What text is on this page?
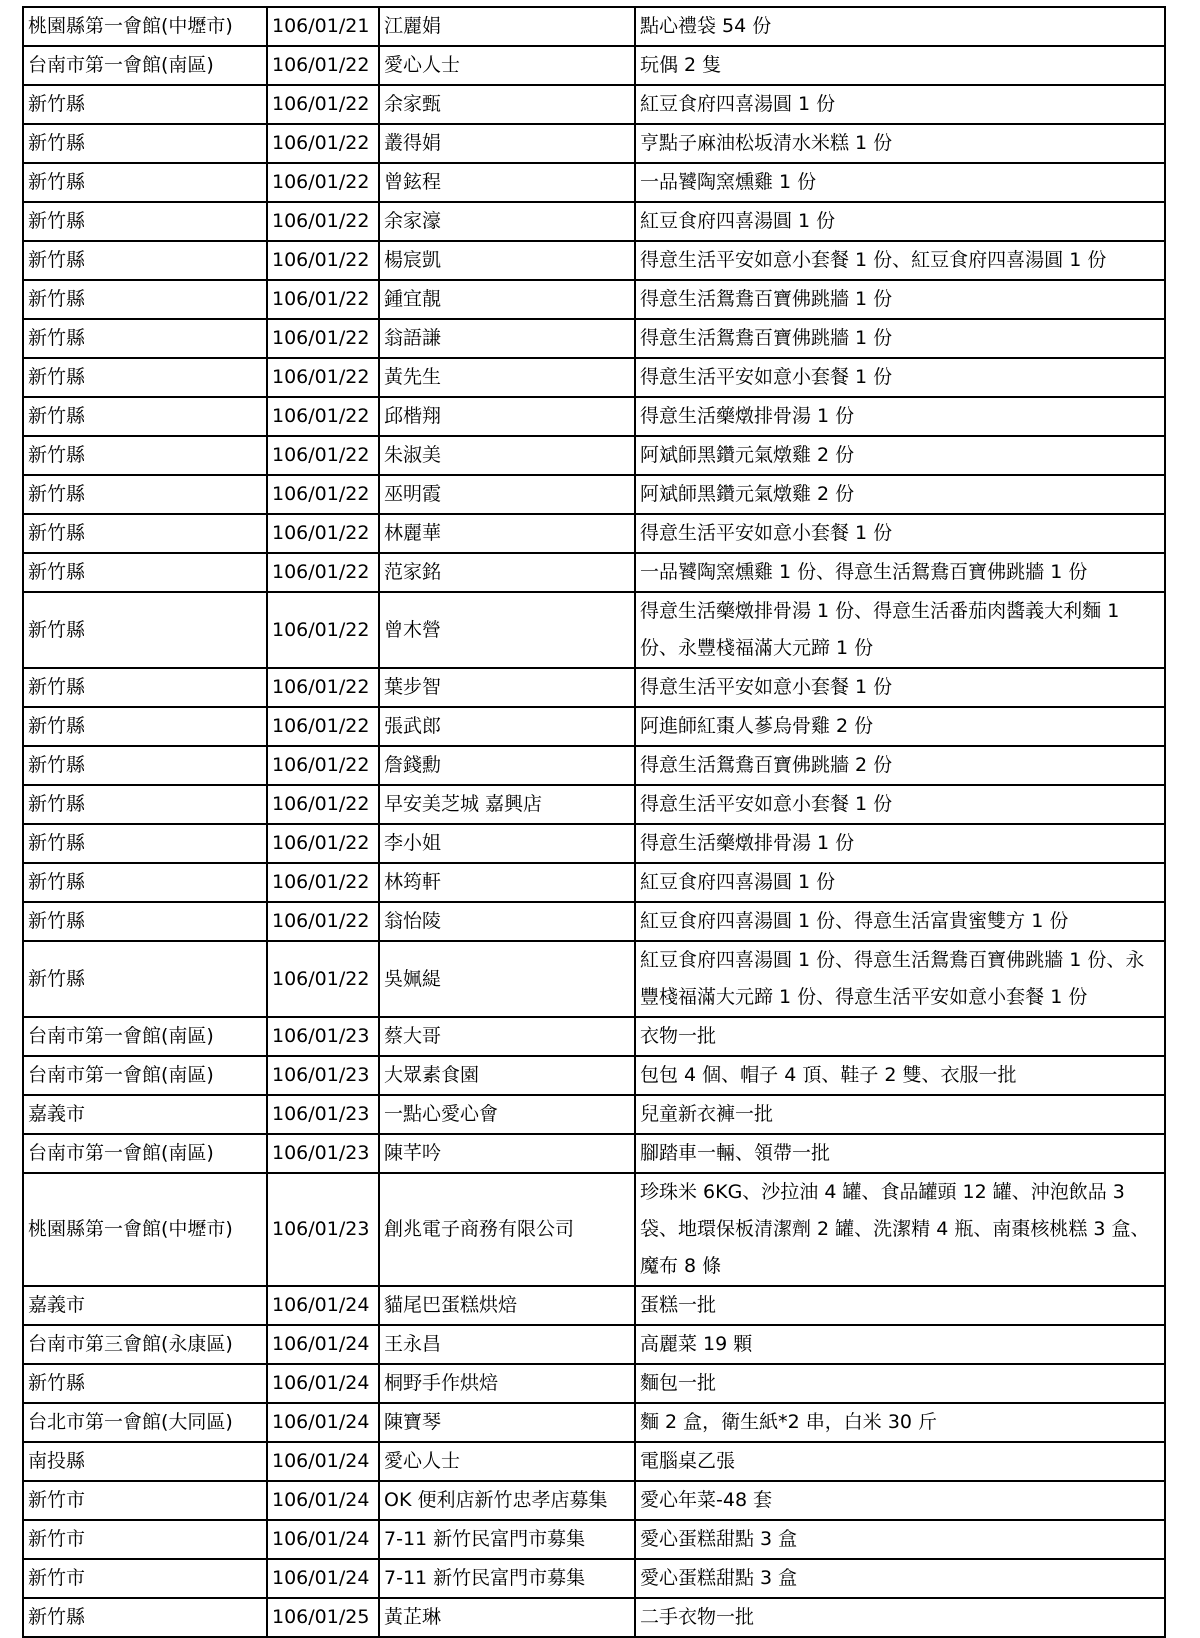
桃園縣第一會館(中壢市)	106/01/21	江麗娟	點心禮袋 54 份
台南市第一會館(南區)	106/01/22	愛心人士	玩偶 2 隻
新竹縣	106/01/22	余家甄	紅豆食府四喜湯圓 1 份
新竹縣	106/01/22	叢得娟	亨點子麻油松坂清水米糕 1 份
新竹縣	106/01/22	曾鉉程	一品饕陶窯燻雞 1 份
新竹縣	106/01/22	余家濠	紅豆食府四喜湯圓 1 份
新竹縣	106/01/22	楊宸凱	得意生活平安如意小套餐 1 份、紅豆食府四喜湯圓 1 份
新竹縣	106/01/22	鍾宜靚	得意生活鴛鴦百寶佛跳牆 1 份
新竹縣	106/01/22	翁語謙	得意生活鴛鴦百寶佛跳牆 1 份
新竹縣	106/01/22	黃先生	得意生活平安如意小套餐 1 份
新竹縣	106/01/22	邱楷翔	得意生活藥燉排骨湯 1 份
新竹縣	106/01/22	朱淑美	阿斌師黑鑽元氣燉雞 2 份
新竹縣	106/01/22	巫明霞	阿斌師黑鑽元氣燉雞 2 份
新竹縣	106/01/22	林麗華	得意生活平安如意小套餐 1 份
新竹縣	106/01/22	范家銘	一品饕陶窯燻雞 1 份、得意生活鴛鴦百寶佛跳牆 1 份
新竹縣	106/01/22	曾木營	得意生活藥燉排骨湯 1 份、得意生活番茄肉醬義大利麵 1 份、永豐棧福滿大元蹄 1 份
新竹縣	106/01/22	葉步智	得意生活平安如意小套餐 1 份
新竹縣	106/01/22	張武郎	阿進師紅棗人蔘烏骨雞 2 份
新竹縣	106/01/22	詹錢勳	得意生活鴛鴦百寶佛跳牆 2 份
新竹縣	106/01/22	早安美芝城 嘉興店	得意生活平安如意小套餐 1 份
新竹縣	106/01/22	李小姐	得意生活藥燉排骨湯 1 份
新竹縣	106/01/22	林筠軒	紅豆食府四喜湯圓 1 份
新竹縣	106/01/22	翁怡陵	紅豆食府四喜湯圓 1 份、得意生活富貴蜜雙方 1 份
新竹縣	106/01/22	吳姵緹	紅豆食府四喜湯圓 1 份、得意生活鴛鴦百寶佛跳牆 1 份、永豐棧福滿大元蹄 1 份、得意生活平安如意小套餐 1 份
台南市第一會館(南區)	106/01/23	蔡大哥	衣物一批
台南市第一會館(南區)	106/01/23	大眾素食園	包包 4 個、帽子 4 頂、鞋子 2 雙、衣服一批
嘉義市	106/01/23	一點心愛心會	兒童新衣褲一批
台南市第一會館(南區)	106/01/23	陳芊吟	腳踏車一輛、領帶一批
桃園縣第一會館(中壢市)	106/01/23	創兆電子商務有限公司	珍珠米 6KG、沙拉油 4 罐、食品罐頭 12 罐、沖泡飲品 3 袋、地環保板清潔劑 2 罐、洗潔精 4 瓶、南棗核桃糕 3 盒、魔布 8 條
嘉義市	106/01/24	貓尾巴蛋糕烘焙	蛋糕一批
台南市第三會館(永康區)	106/01/24	王永昌	高麗菜 19 顆
新竹縣	106/01/24	桐野手作烘焙	麵包一批
台北市第一會館(大同區)	106/01/24	陳寶琴	麵 2 盒，衛生紙*2 串，白米 30 斤
南投縣	106/01/24	愛心人士	電腦桌乙張
新竹市	106/01/24	OK 便利店新竹忠孝店募集	愛心年菜-48 套
新竹市	106/01/24	7-11 新竹民富門市募集	愛心蛋糕甜點 3 盒
新竹市	106/01/24	7-11 新竹民富門市募集	愛心蛋糕甜點 3 盒
新竹縣	106/01/25	黃芷琳	二手衣物一批
